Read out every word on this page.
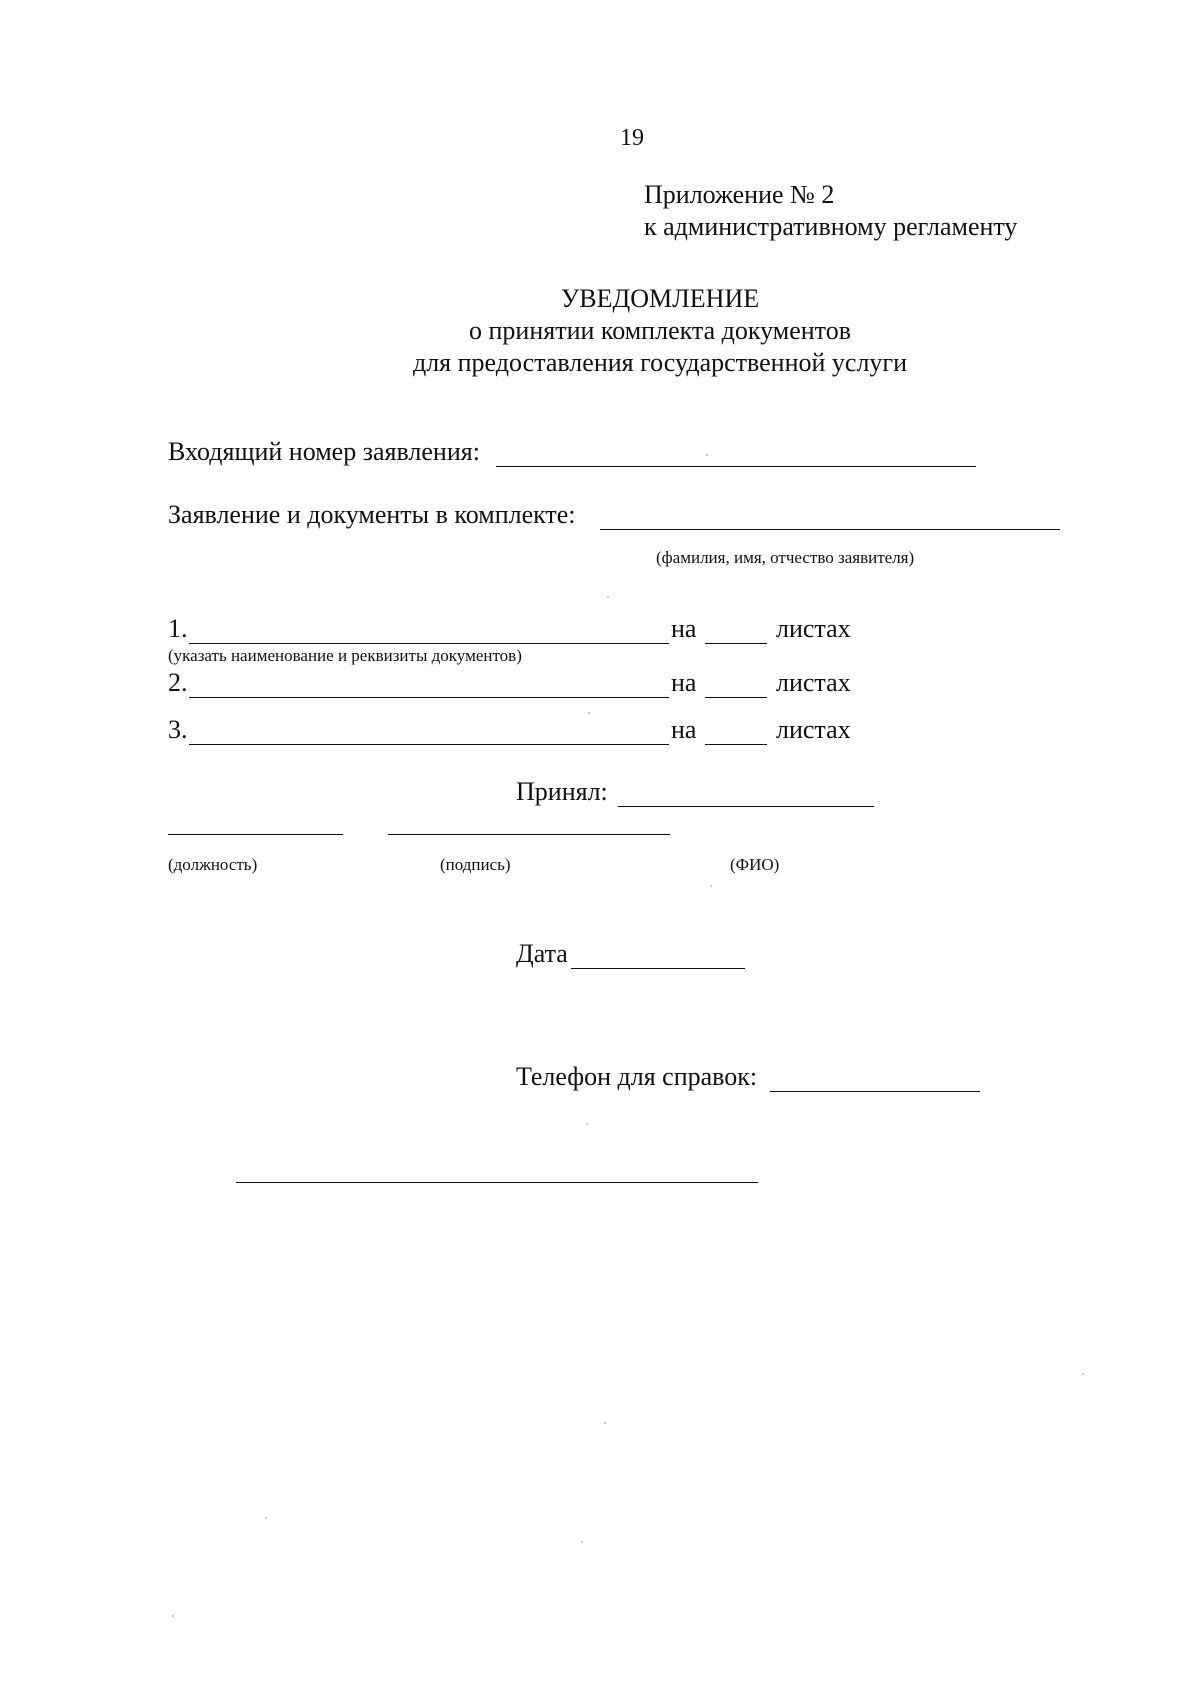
19
Приложение № 2
к административному регламенту
УВЕДОМЛЕНИЕ
о принятии комплекта документов
для предоставления государственной услуги
Входящий номер заявления:
Заявление и документы в комплекте:
(фамилия, имя, отчество заявителя)
1.	на	листах
(указать наименование и реквизиты документов)
2.	на	листах
3.	на	листах
Принял:
(должность)	(подпись)	(ФИО)
Дата
Телефон для справок:
